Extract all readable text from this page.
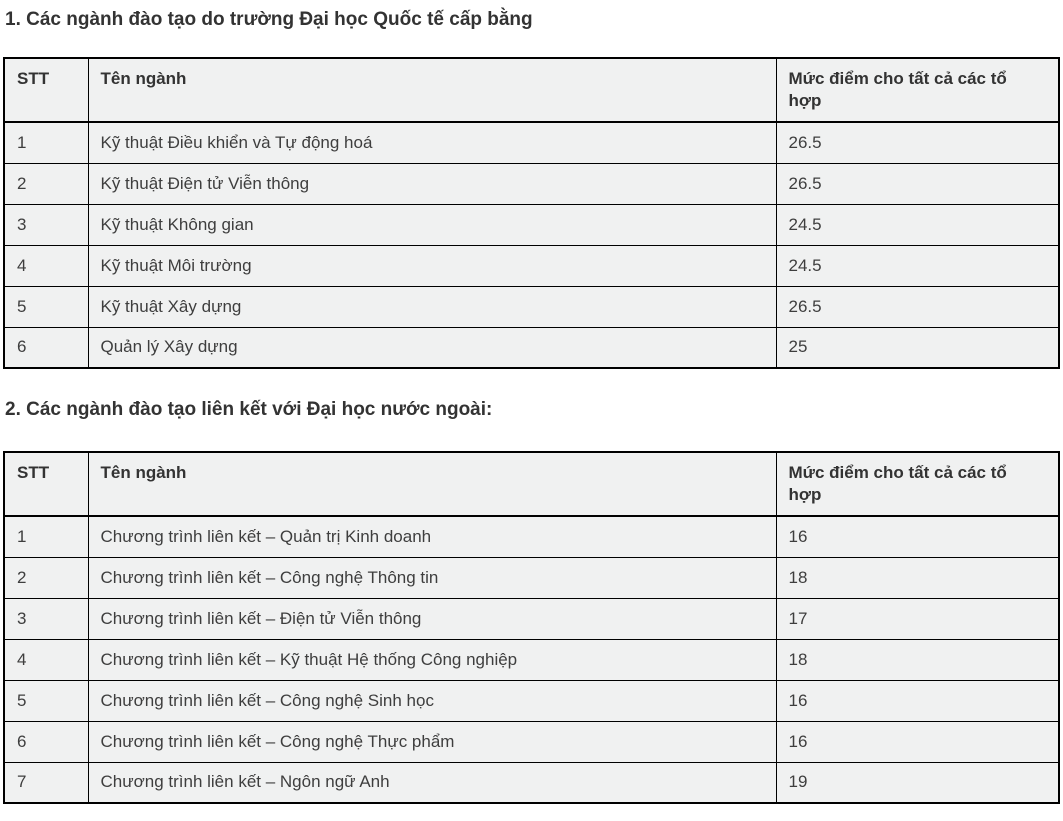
1. Các ngành đào tạo do trường Đại học Quốc tế cấp bằng
STT	Tên ngành	Mức điểm cho tất cả các tổ hợp
1	Kỹ thuật Điều khiển và Tự động hoá	26.5
2	Kỹ thuật Điện tử Viễn thông	26.5
3	Kỹ thuật Không gian	24.5
4	Kỹ thuật Môi trường	24.5
5	Kỹ thuật Xây dựng	26.5
6	Quản lý Xây dựng	25
2. Các ngành đào tạo liên kết với Đại học nước ngoài:
STT	Tên ngành	Mức điểm cho tất cả các tổ hợp
1	Chương trình liên kết – Quản trị Kinh doanh	16
2	Chương trình liên kết – Công nghệ Thông tin	18
3	Chương trình liên kết – Điện tử Viễn thông	17
4	Chương trình liên kết – Kỹ thuật Hệ thống Công nghiệp	18
5	Chương trình liên kết – Công nghệ Sinh học	16
6	Chương trình liên kết – Công nghệ Thực phẩm	16
7	Chương trình liên kết – Ngôn ngữ Anh	19
